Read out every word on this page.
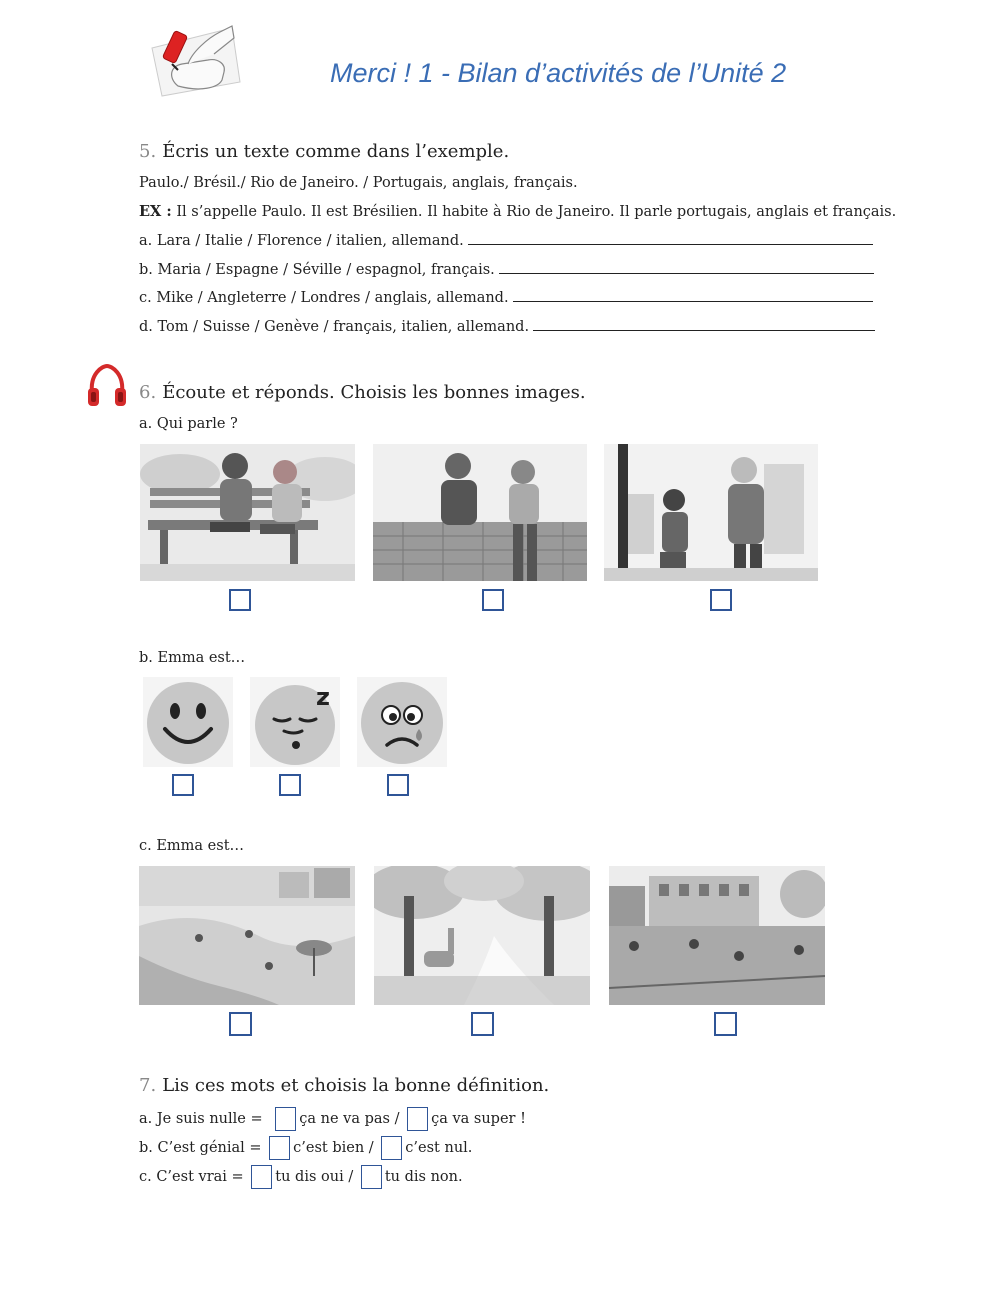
Merci ! 1 - Bilan d’activités de l’Unité 2
5. Écris un texte comme dans l’exemple.
Paulo./ Brésil./ Rio de Janeiro. / Portugais, anglais, français.
EX : Il s’appelle Paulo. Il est Brésilien. Il habite à Rio de Janeiro. Il parle portugais, anglais et français.
a. Lara / Italie / Florence / italien, allemand.
b. Maria / Espagne / Séville / espagnol, français.
c. Mike / Angleterre / Londres / anglais, allemand.
d. Tom / Suisse / Genève / français, italien, allemand.
6. Écoute et réponds. Choisis les bonnes images.
a. Qui parle ?
b. Emma est…
z
c. Emma est…
7. Lis ces mots et choisis la bonne définition.
a. Je suis nulle =	ça ne va pas / ça va super !
b. C’est génial = c’est bien / c’est nul.
c. C’est vrai = tu dis oui / tu dis non.
